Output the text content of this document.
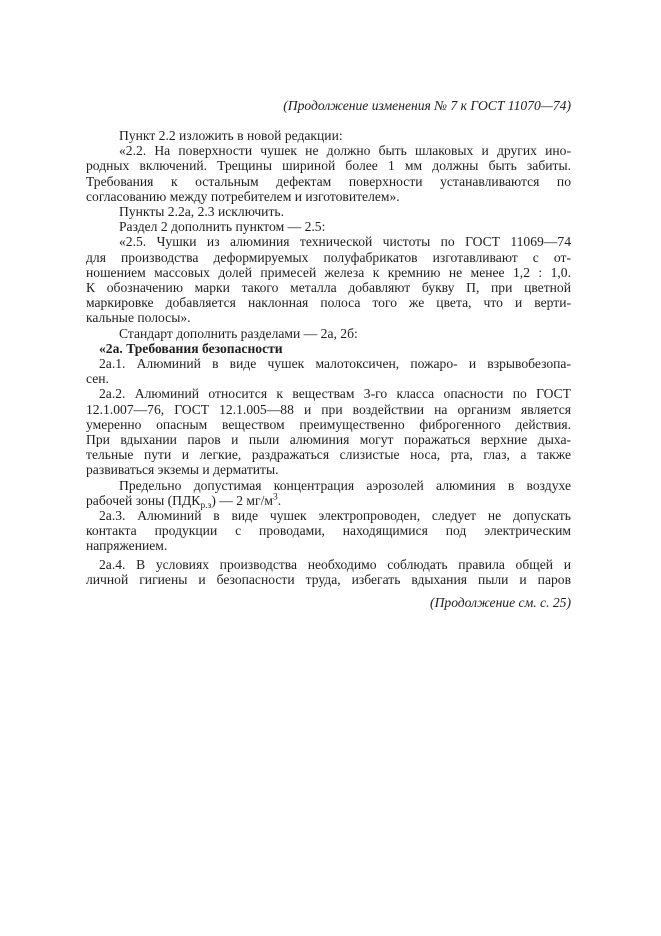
(Продолжение изменения № 7 к ГОСТ 11070—74)

Пункт 2.2 изложить в новой редакции:

«2.2. На поверхности чушек не должно быть шлаковых и других ино-
родных включений. Трещины шириной более 1 мм должны быть забиты.
Требования к остальным дефектам поверхности устанавливаются по
согласованию между потребителем и изготовителем».

Пункты 2.2а, 2.3 исключить.

Раздел 2 дополнить пунктом — 2.5:

«2.5. Чушки из алюминия технической чистоты по ГОСТ 11069—74
для производства деформируемых полуфабрикатов изготавливают с от-
ношением массовых долей примесей железа к кремнию не менее 1,2 : 1,0.
К обозначению марки такого металла добавляют букву П, при цветной
маркировке добавляется наклонная полоса того же цвета, что и верти-
кальные полосы».

Стандарт дополнить разделами — 2а, 2б:

«2а. Требования безопасности

2а.1. Алюминий в виде чушек малотоксичен, пожаро- и взрывобезопа-
сен.

2а.2. Алюминий относится к веществам 3-го класса опасности по ГОСТ
12.1.007—76, ГОСТ 12.1.005—88 и при воздействии на организм является
умеренно опасным веществом преимущественно фиброгенного действия.
При вдыхании паров и пыли алюминия могут поражаться верхние дыха-
тельные пути и легкие, раздражаться слизистые носа, рта, глаз, а также
развиваться экземы и дерматиты.

Предельно допустимая концентрация аэрозолей алюминия в воздухе
рабочей зоны $(ПДК_{р.з})$ — 2 $мг/м^3$.

2а.3. Алюминий в виде чушек электропроводен, следует не допускать
контакта продукции с проводами, находящимися под электрическим
напряжением.

2а.4. В условиях производства необходимо соблюдать правила общей и
личной гигиены и безопасности труда, избегать вдыхания пыли и паров

(Продолжение см. с. 25)
